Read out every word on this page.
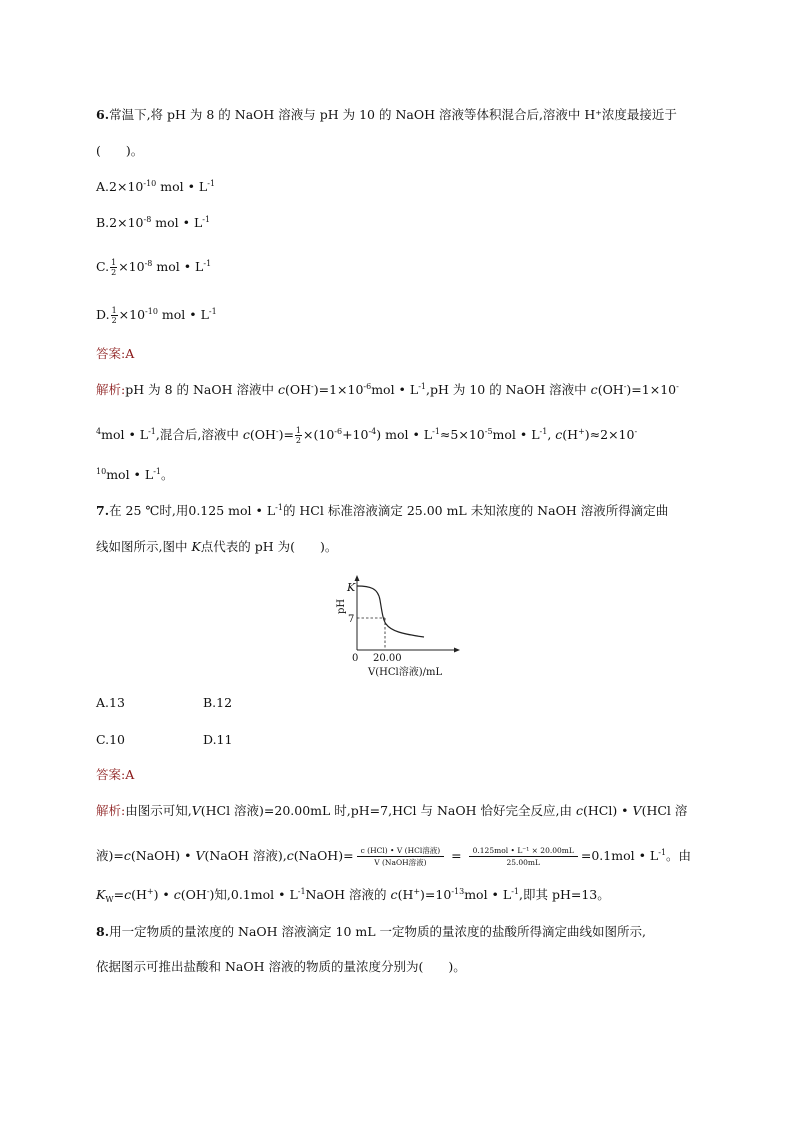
6.常温下,将 pH 为 8 的 NaOH 溶液与 pH 为 10 的 NaOH 溶液等体积混合后,溶液中 H⁺浓度最接近于
(　　)。
$A.2\times 10^{-10}$ mol • $L^{-1}$
$B.2\times 10^{-8}$ mol • $L^{-1}$
C. $\frac{1}{2} \times 10^{-8}$ mol • $L^{-1}$
D. $\frac{1}{2} \times 10^{-10}$ mol • $L^{-1}$
答案:A
解析:pH 为 8 的 NaOH 溶液中 $c(OH^-)=1\times 10^{-6}mol$ • $L^{-1},pH$ 为 10 的 NaOH 溶液中 c(OH-)=1×10-
$^4$mol • $L^{-1}$,混合后,溶液中 $c(OH^-)= \frac{1}{2} \times(10^{-6}+10^{-4})$ mol • $L^{-1}\approx 5\times 10^{-5}mol$ • $L^{-1}$, c(H+)≈2×10-
$^{10}$mol • $L^{-1}$。
7.在 25 ℃时,用0.125 mol • $L^{-1}$的 HCl 标准溶液滴定 25.00 mL 未知浓度的 NaOH 溶液所得滴定曲
线如图所示,图中 K点代表的 pH 为(　　)。
K
pH
7
0 20.00
V(HCl溶液)/mL
A.13	B.12
C.10	D.11
答案:A
解析:由图示可知,V(HCl 溶液)=20.00mL 时,pH=7,HCl 与 NaOH 恰好完全反应,由 c(HCl) • V(HCl 溶
液)=c(NaOH) • V(NaOH 溶液),c(NaOH)= $\frac{\text{c (HCl) • V (HCl溶液)}}{\text{V (NaOH溶液)}} = \frac{\text{0.125mol • L⁻¹ × 20.00mL}}{25.00mL} =0.1mol$ • $L^{-1}$。由
$K_W=c(H^+)$ • c(OH-)知,0.1mol • $L^{-1}NaOH$ 溶液的 $c(H^+)=10^{-13}mol$ • $L^{-1}$,即其 pH=13。
8.用一定物质的量浓度的 NaOH 溶液滴定 10 mL 一定物质的量浓度的盐酸所得滴定曲线如图所示,
依据图示可推出盐酸和 NaOH 溶液的物质的量浓度分别为(　　)。
